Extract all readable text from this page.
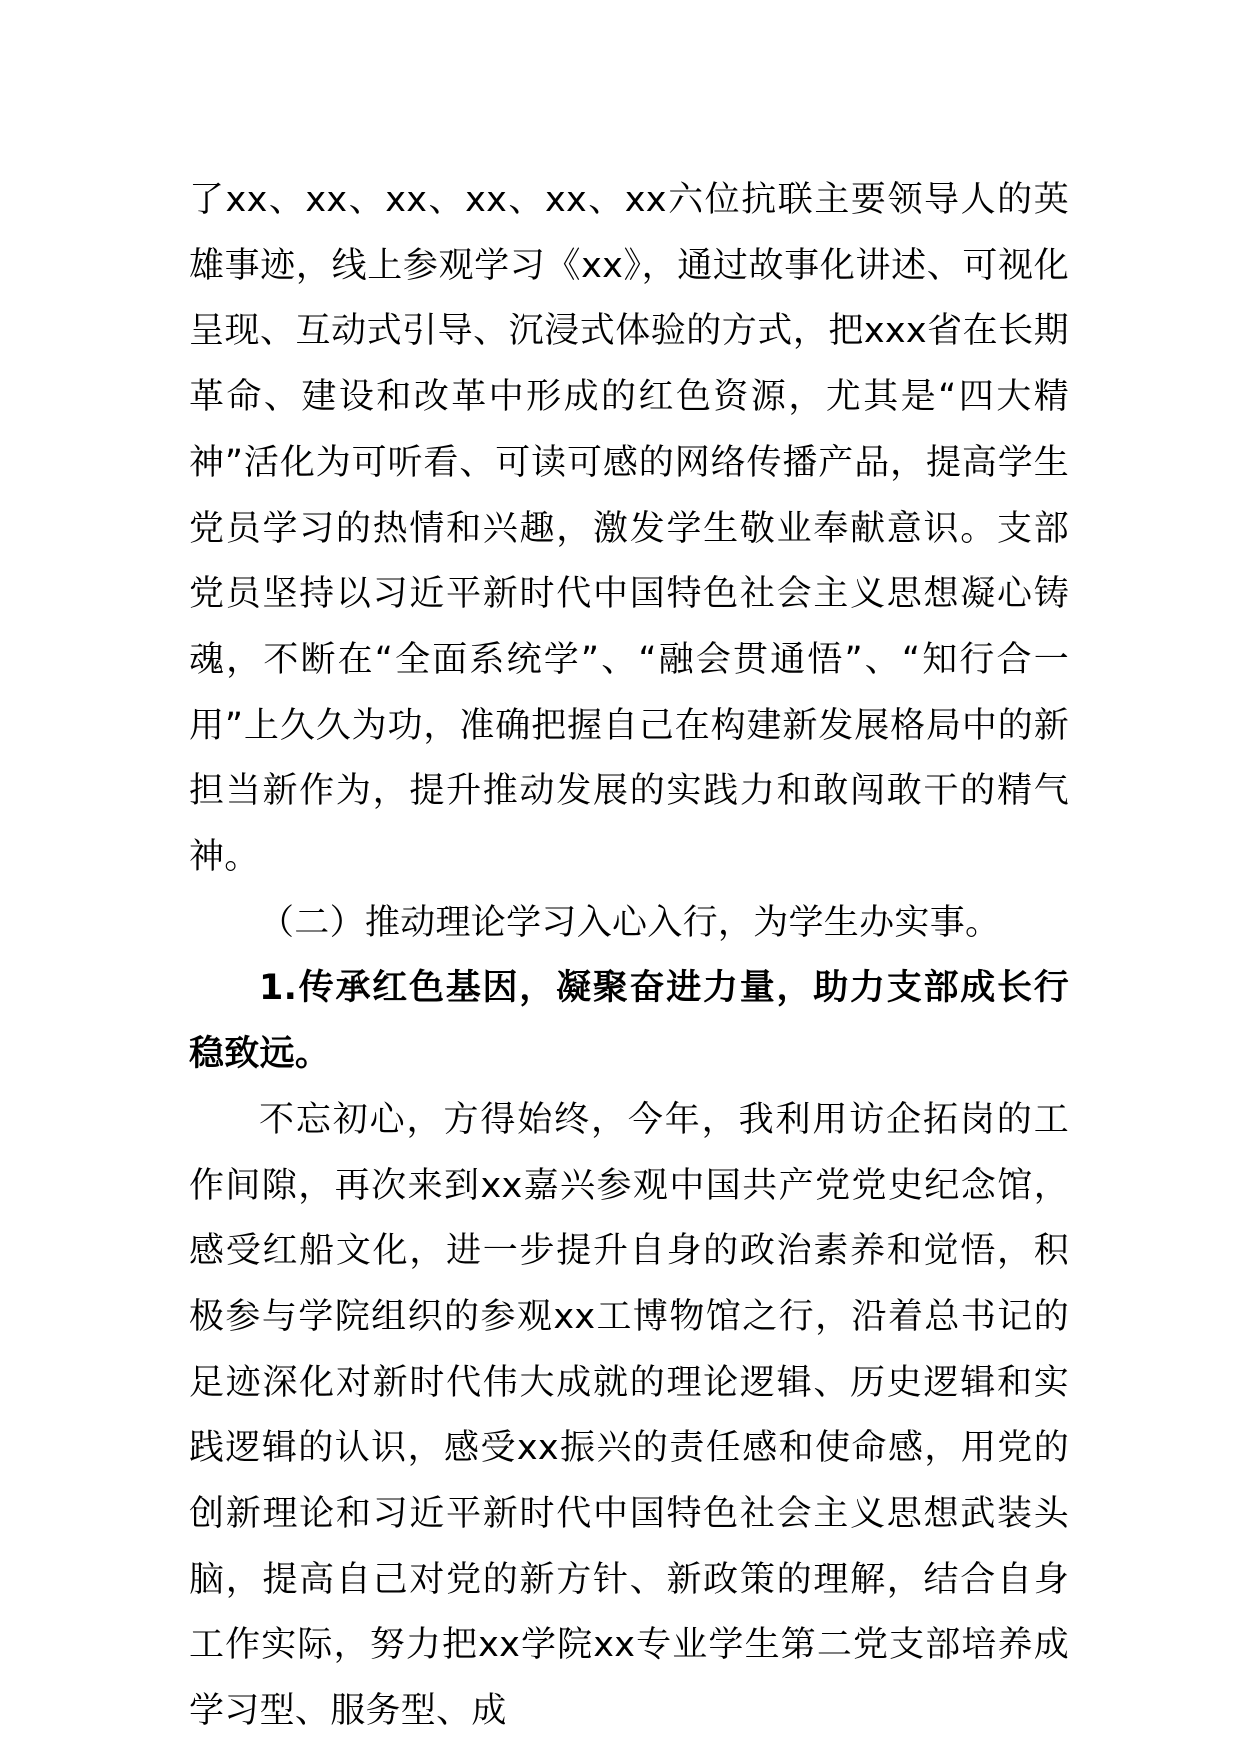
了xx、xx、xx、xx、xx、xx六位抗联主要领导人的英雄事迹，线上参观学习《xx》，通过故事化讲述、可视化呈现、互动式引导、沉浸式体验的方式，把xxx省在长期革命、建设和改革中形成的红色资源，尤其是“四大精神”活化为可听看、可读可感的网络传播产品，提高学生党员学习的热情和兴趣，激发学生敬业奉献意识。支部党员坚持以习近平新时代中国特色社会主义思想凝心铸魂，不断在“全面系统学”、“融会贯通悟”、“知行合一用”上久久为功，准确把握自己在构建新发展格局中的新担当新作为，提升推动发展的实践力和敢闯敢干的精气神。

（二）推动理论学习入心入行，为学生办实事。

1.传承红色基因，凝聚奋进力量，助力支部成长行稳致远。

不忘初心，方得始终，今年，我利用访企拓岗的工作间隙，再次来到xx嘉兴参观中国共产党党史纪念馆，感受红船文化，进一步提升自身的政治素养和觉悟，积极参与学院组织的参观xx工博物馆之行，沿着总书记的足迹深化对新时代伟大成就的理论逻辑、历史逻辑和实践逻辑的认识，感受xx振兴的责任感和使命感，用党的创新理论和习近平新时代中国特色社会主义思想武装头脑，提高自己对党的新方针、新政策的理解，结合自身工作实际，努力把xx学院xx专业学生第二党支部培养成学习型、服务型、成
